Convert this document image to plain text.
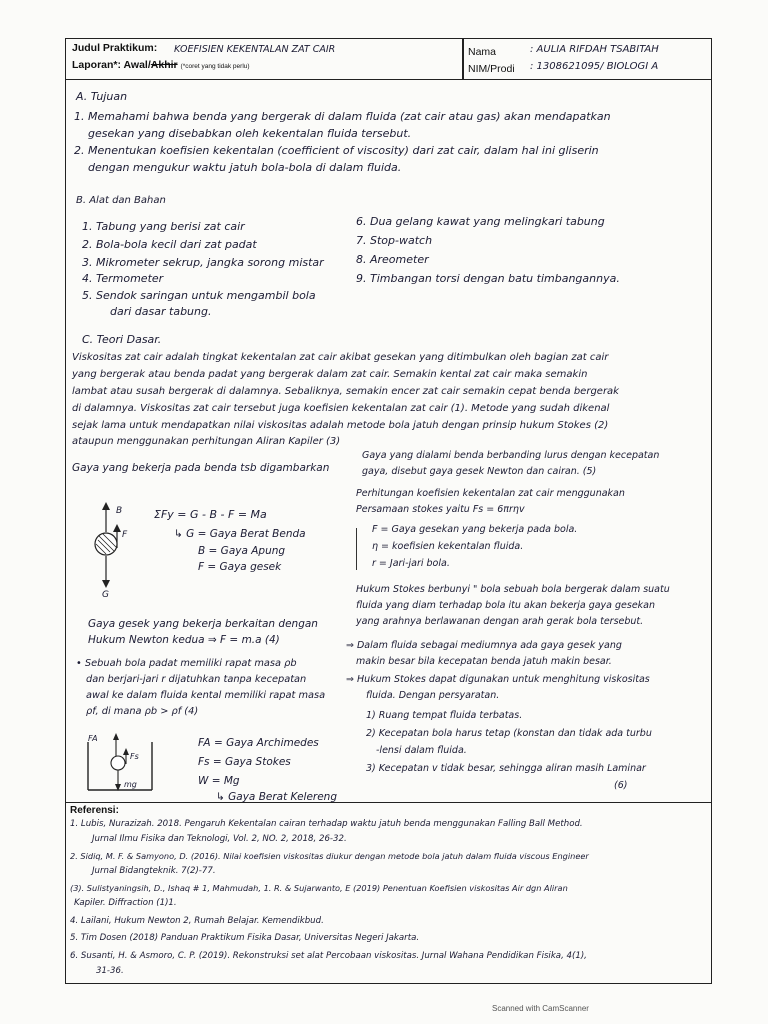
Judul Praktikum: KOEFISIEN KEKENTALAN ZAT CAIR
Laporan*: Awal/Akhir (*coret yang tidak perlu)
Nama	: AULIA RIFDAH TSABITAH
NIM/Prodi : 1308621095/ BIOLOGI A
A. Tujuan
1. Memahami bahwa benda yang bergerak di dalam fluida (zat cair atau gas) akan mendapatkan
gesekan yang disebabkan oleh kekentalan fluida tersebut.
2. Menentukan koefisien kekentalan (coefficient of viscosity) dari zat cair, dalam hal ini gliserin
dengan mengukur waktu jatuh bola-bola di dalam fluida.
B. Alat dan Bahan
1. Tabung yang berisi zat cair
2. Bola-bola kecil dari zat padat
3. Mikrometer sekrup, jangka sorong mistar
4. Termometer
5. Sendok saringan untuk mengambil bola
dari dasar tabung.
6. Dua gelang kawat yang melingkari tabung
7. Stop-watch
8. Areometer
9. Timbangan torsi dengan batu timbangannya.
C. Teori Dasar.
Viskositas zat cair adalah tingkat kekentalan zat cair akibat gesekan yang ditimbulkan oleh bagian zat cair
yang bergerak atau benda padat yang bergerak dalam zat cair. Semakin kental zat cair maka semakin
lambat atau susah bergerak di dalamnya. Sebaliknya, semakin encer zat cair semakin cepat benda bergerak
di dalamnya. Viskositas zat cair tersebut juga koefisien kekentalan zat cair (1). Metode yang sudah dikenal
sejak lama untuk mendapatkan nilai viskositas adalah metode bola jatuh dengan prinsip hukum Stokes (2)
ataupun menggunakan perhitungan Aliran Kapiler (3)
Gaya yang bekerja pada benda tsb digambarkan
B
F
G
ΣFy = G - B - F = Ma
↳ G = Gaya Berat Benda
B = Gaya Apung
F = Gaya gesek
Gaya gesek yang bekerja berkaitan dengan
Hukum Newton kedua ⇒ F = m.a (4)
• Sebuah bola padat memiliki rapat masa ρb
dan berjari-jari r dijatuhkan tanpa kecepatan
awal ke dalam fluida kental memiliki rapat masa
ρf, di mana ρb > ρf (4)
FA
Fs
mg
FA = Gaya Archimedes
Fs = Gaya Stokes
W = Mg
↳ Gaya Berat Kelereng
Gaya yang dialami benda berbanding lurus dengan kecepatan
gaya, disebut gaya gesek Newton dan cairan. (5)
Perhitungan koefisien kekentalan zat cair menggunakan
Persamaan stokes yaitu Fs = 6πrηv
F = Gaya gesekan yang bekerja pada bola.
η = koefisien kekentalan fluida.
r = Jari-jari bola.
Hukum Stokes berbunyi " bola sebuah bola bergerak dalam suatu
fluida yang diam terhadap bola itu akan bekerja gaya gesekan
yang arahnya berlawanan dengan arah gerak bola tersebut.
⇒ Dalam fluida sebagai mediumnya ada gaya gesek yang
makin besar bila kecepatan benda jatuh makin besar.
⇒ Hukum Stokes dapat digunakan untuk menghitung viskositas
fluida. Dengan persyaratan.
1) Ruang tempat fluida terbatas.
2) Kecepatan bola harus tetap (konstan dan tidak ada turbu
-lensi dalam fluida.
3) Kecepatan v tidak besar, sehingga aliran masih Laminar
(6)
Referensi:
1. Lubis, Nurazizah. 2018. Pengaruh Kekentalan cairan terhadap waktu jatuh benda menggunakan Falling Ball Method.
Jurnal Ilmu Fisika dan Teknologi, Vol. 2, NO. 2, 2018, 26-32.
2. Sidiq, M. F. & Samyono, D. (2016). Nilai koefisien viskositas diukur dengan metode bola jatuh dalam fluida viscous Engineer
Jurnal Bidangteknik. 7(2)-77.
(3). Sulistyaningsih, D., Ishaq # 1, Mahmudah, 1. R. & Sujarwanto, E (2019) Penentuan Koefisien viskositas Air dgn Aliran
Kapiler. Diffraction (1)1.
4. Lailani, Hukum Newton 2, Rumah Belajar. Kemendikbud.
5. Tim Dosen (2018) Panduan Praktikum Fisika Dasar, Universitas Negeri Jakarta.
6. Susanti, H. & Asmoro, C. P. (2019). Rekonstruksi set alat Percobaan viskositas. Jurnal Wahana Pendidikan Fisika, 4(1),
31-36.
Scanned with CamScanner
